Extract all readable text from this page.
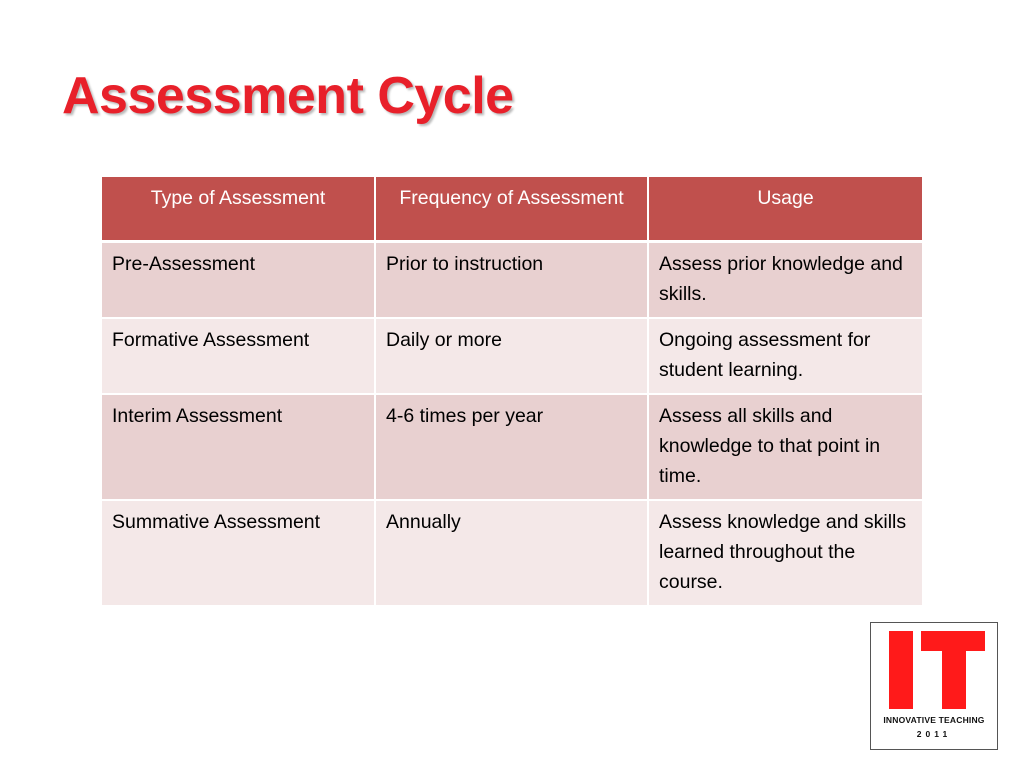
Assessment Cycle
Type of Assessment	Frequency of Assessment	Usage
Pre-Assessment	Prior to instruction	Assess prior knowledge and skills.
Formative Assessment	Daily or more	Ongoing assessment for student learning.
Interim Assessment	4-6 times per year	Assess all skills and knowledge to that point in time.
Summative Assessment	Annually	Assess knowledge and skills learned throughout the course.
INNOVATIVE TEACHING
2011
